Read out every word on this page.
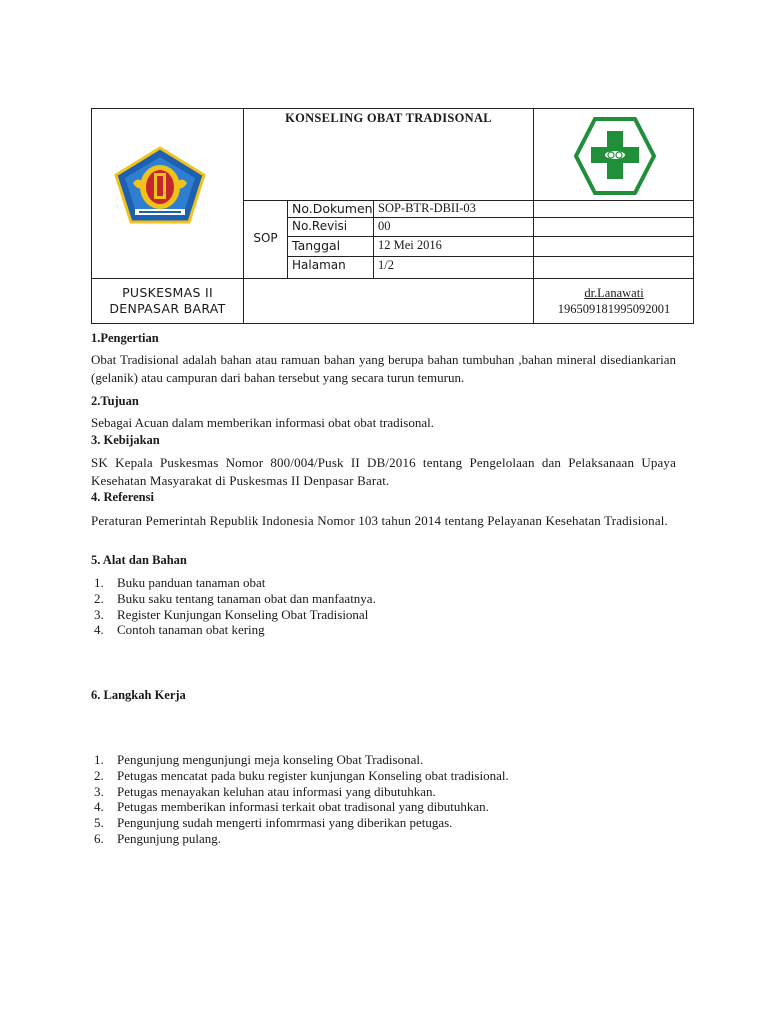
KONSELING OBAT TRADISONAL
SOP
No.Dokumen SOP-BTR-DBII-03
No.Revisi 00
Tanggal	12 Mei 2016
Halaman	1/2
PUSKESMAS II
DENPASAR BARAT
dr.Lanawati
196509181995092001
1.Pengertian
Obat Tradisional adalah bahan atau ramuan bahan yang berupa bahan tumbuhan ,bahan mineral disediankarian (gelanik) atau campuran dari bahan tersebut yang secara turun temurun.
2.Tujuan
Sebagai Acuan dalam memberikan informasi obat obat tradisonal.
3. Kebijakan
SK Kepala Puskesmas Nomor 800/004/Pusk II DB/2016 tentang Pengelolaan dan Pelaksanaan Upaya Kesehatan Masyarakat di Puskesmas II Denpasar Barat.
4. Referensi
Peraturan Pemerintah Republik Indonesia Nomor 103 tahun 2014 tentang Pelayanan Kesehatan Tradisional.
5. Alat dan Bahan
1. Buku panduan tanaman obat
2. Buku saku tentang tanaman obat dan manfaatnya.
3. Register Kunjungan Konseling Obat Tradisional
4. Contoh tanaman obat kering
6. Langkah Kerja
1. Pengunjung mengunjungi meja konseling Obat Tradisonal.
2. Petugas mencatat pada buku register kunjungan Konseling obat tradisional.
3. Petugas menayakan keluhan atau informasi yang dibutuhkan.
4. Petugas memberikan informasi terkait obat tradisonal yang dibutuhkan.
5. Pengunjung sudah mengerti infomrmasi yang diberikan petugas.
6. Pengunjung pulang.
